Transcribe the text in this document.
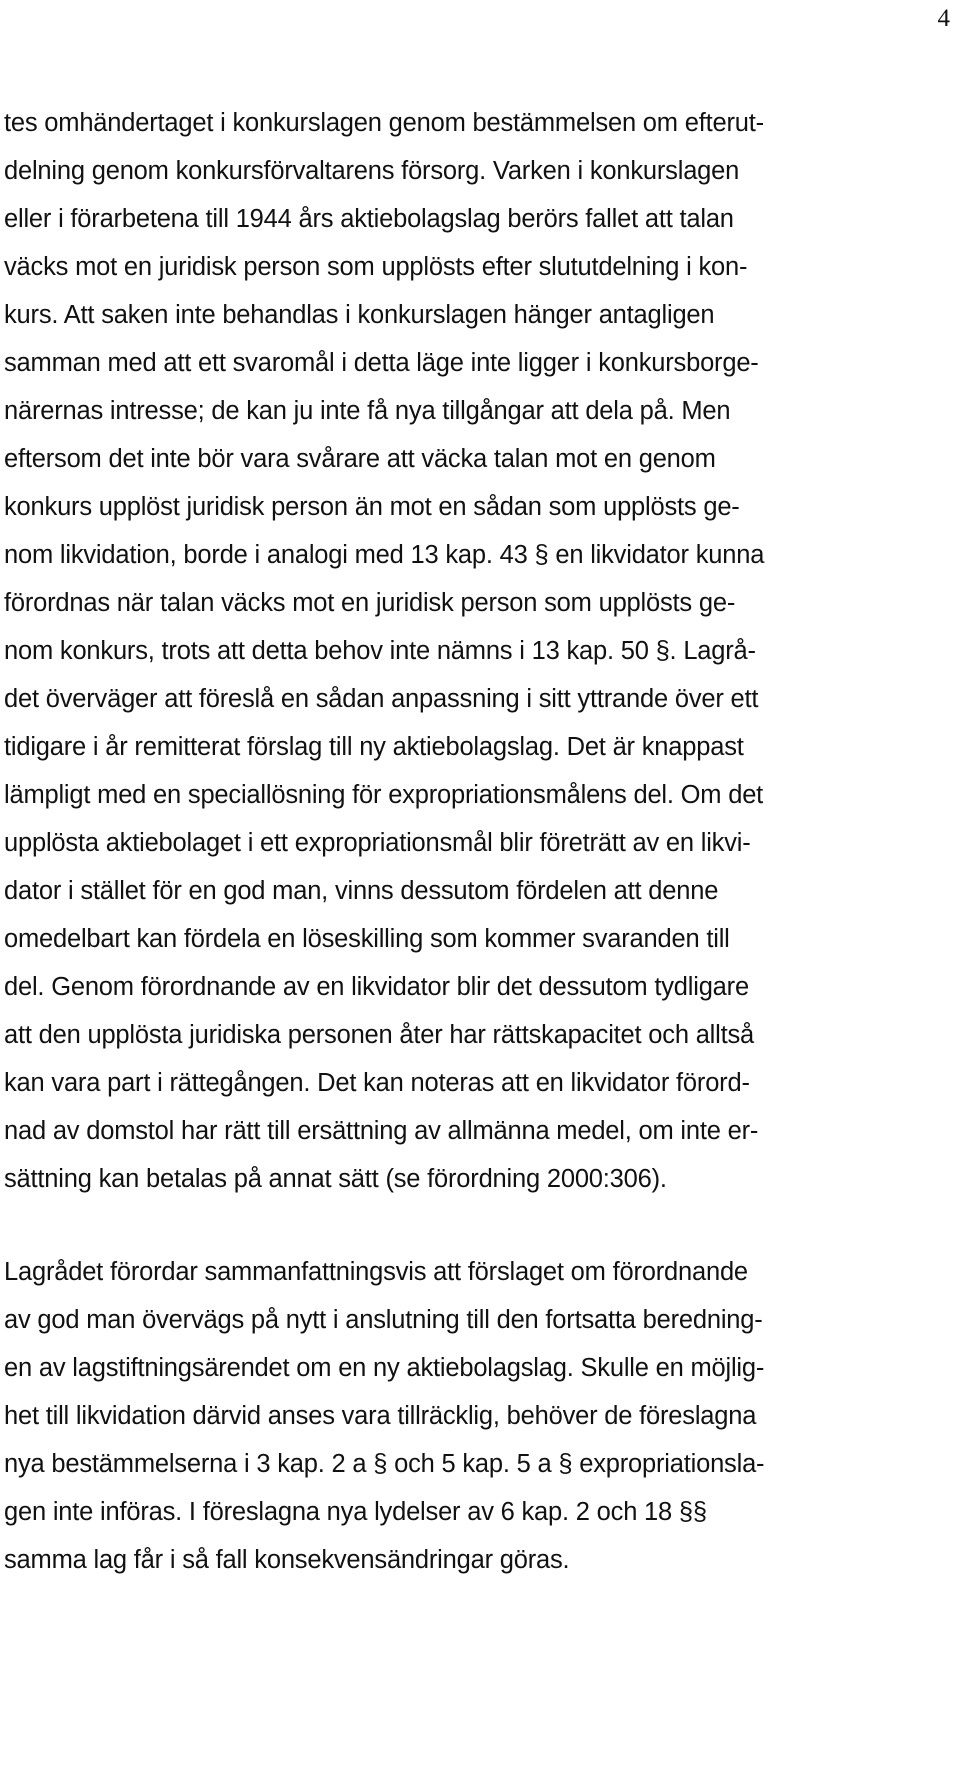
4
tes omhändertaget i konkurslagen genom bestämmelsen om efterut-
delning genom konkursförvaltarens försorg. Varken i konkurslagen
eller i förarbetena till 1944 års aktiebolagslag berörs fallet att talan
väcks mot en juridisk person som upplösts efter slututdelning i kon-
kurs. Att saken inte behandlas i konkurslagen hänger antagligen
samman med att ett svaromål i detta läge inte ligger i konkursborge-
närernas intresse; de kan ju inte få nya tillgångar att dela på. Men
eftersom det inte bör vara svårare att väcka talan mot en genom
konkurs upplöst juridisk person än mot en sådan som upplösts ge-
nom likvidation, borde i analogi med 13 kap. 43 § en likvidator kunna
förordnas när talan väcks mot en juridisk person som upplösts ge-
nom konkurs, trots att detta behov inte nämns i 13 kap. 50 §. Lagrå-
det överväger att föreslå en sådan anpassning i sitt yttrande över ett
tidigare i år remitterat förslag till ny aktiebolagslag. Det är knappast
lämpligt med en speciallösning för expropriationsmålens del. Om det
upplösta aktiebolaget i ett expropriationsmål blir företrätt av en likvi-
dator i stället för en god man, vinns dessutom fördelen att denne
omedelbart kan fördela en löseskilling som kommer svaranden till
del. Genom förordnande av en likvidator blir det dessutom tydligare
att den upplösta juridiska personen åter har rättskapacitet och alltså
kan vara part i rättegången. Det kan noteras att en likvidator förord-
nad av domstol har rätt till ersättning av allmänna medel, om inte er-
sättning kan betalas på annat sätt (se förordning 2000:306).
Lagrådet förordar sammanfattningsvis att förslaget om förordnande
av god man övervägs på nytt i anslutning till den fortsatta beredning-
en av lagstiftningsärendet om en ny aktiebolagslag. Skulle en möjlig-
het till likvidation därvid anses vara tillräcklig, behöver de föreslagna
nya bestämmelserna i 3 kap. 2 a § och 5 kap. 5 a § expropriationsla-
gen inte införas. I föreslagna nya lydelser av 6 kap. 2 och 18 §§
samma lag får i så fall konsekvensändringar göras.
